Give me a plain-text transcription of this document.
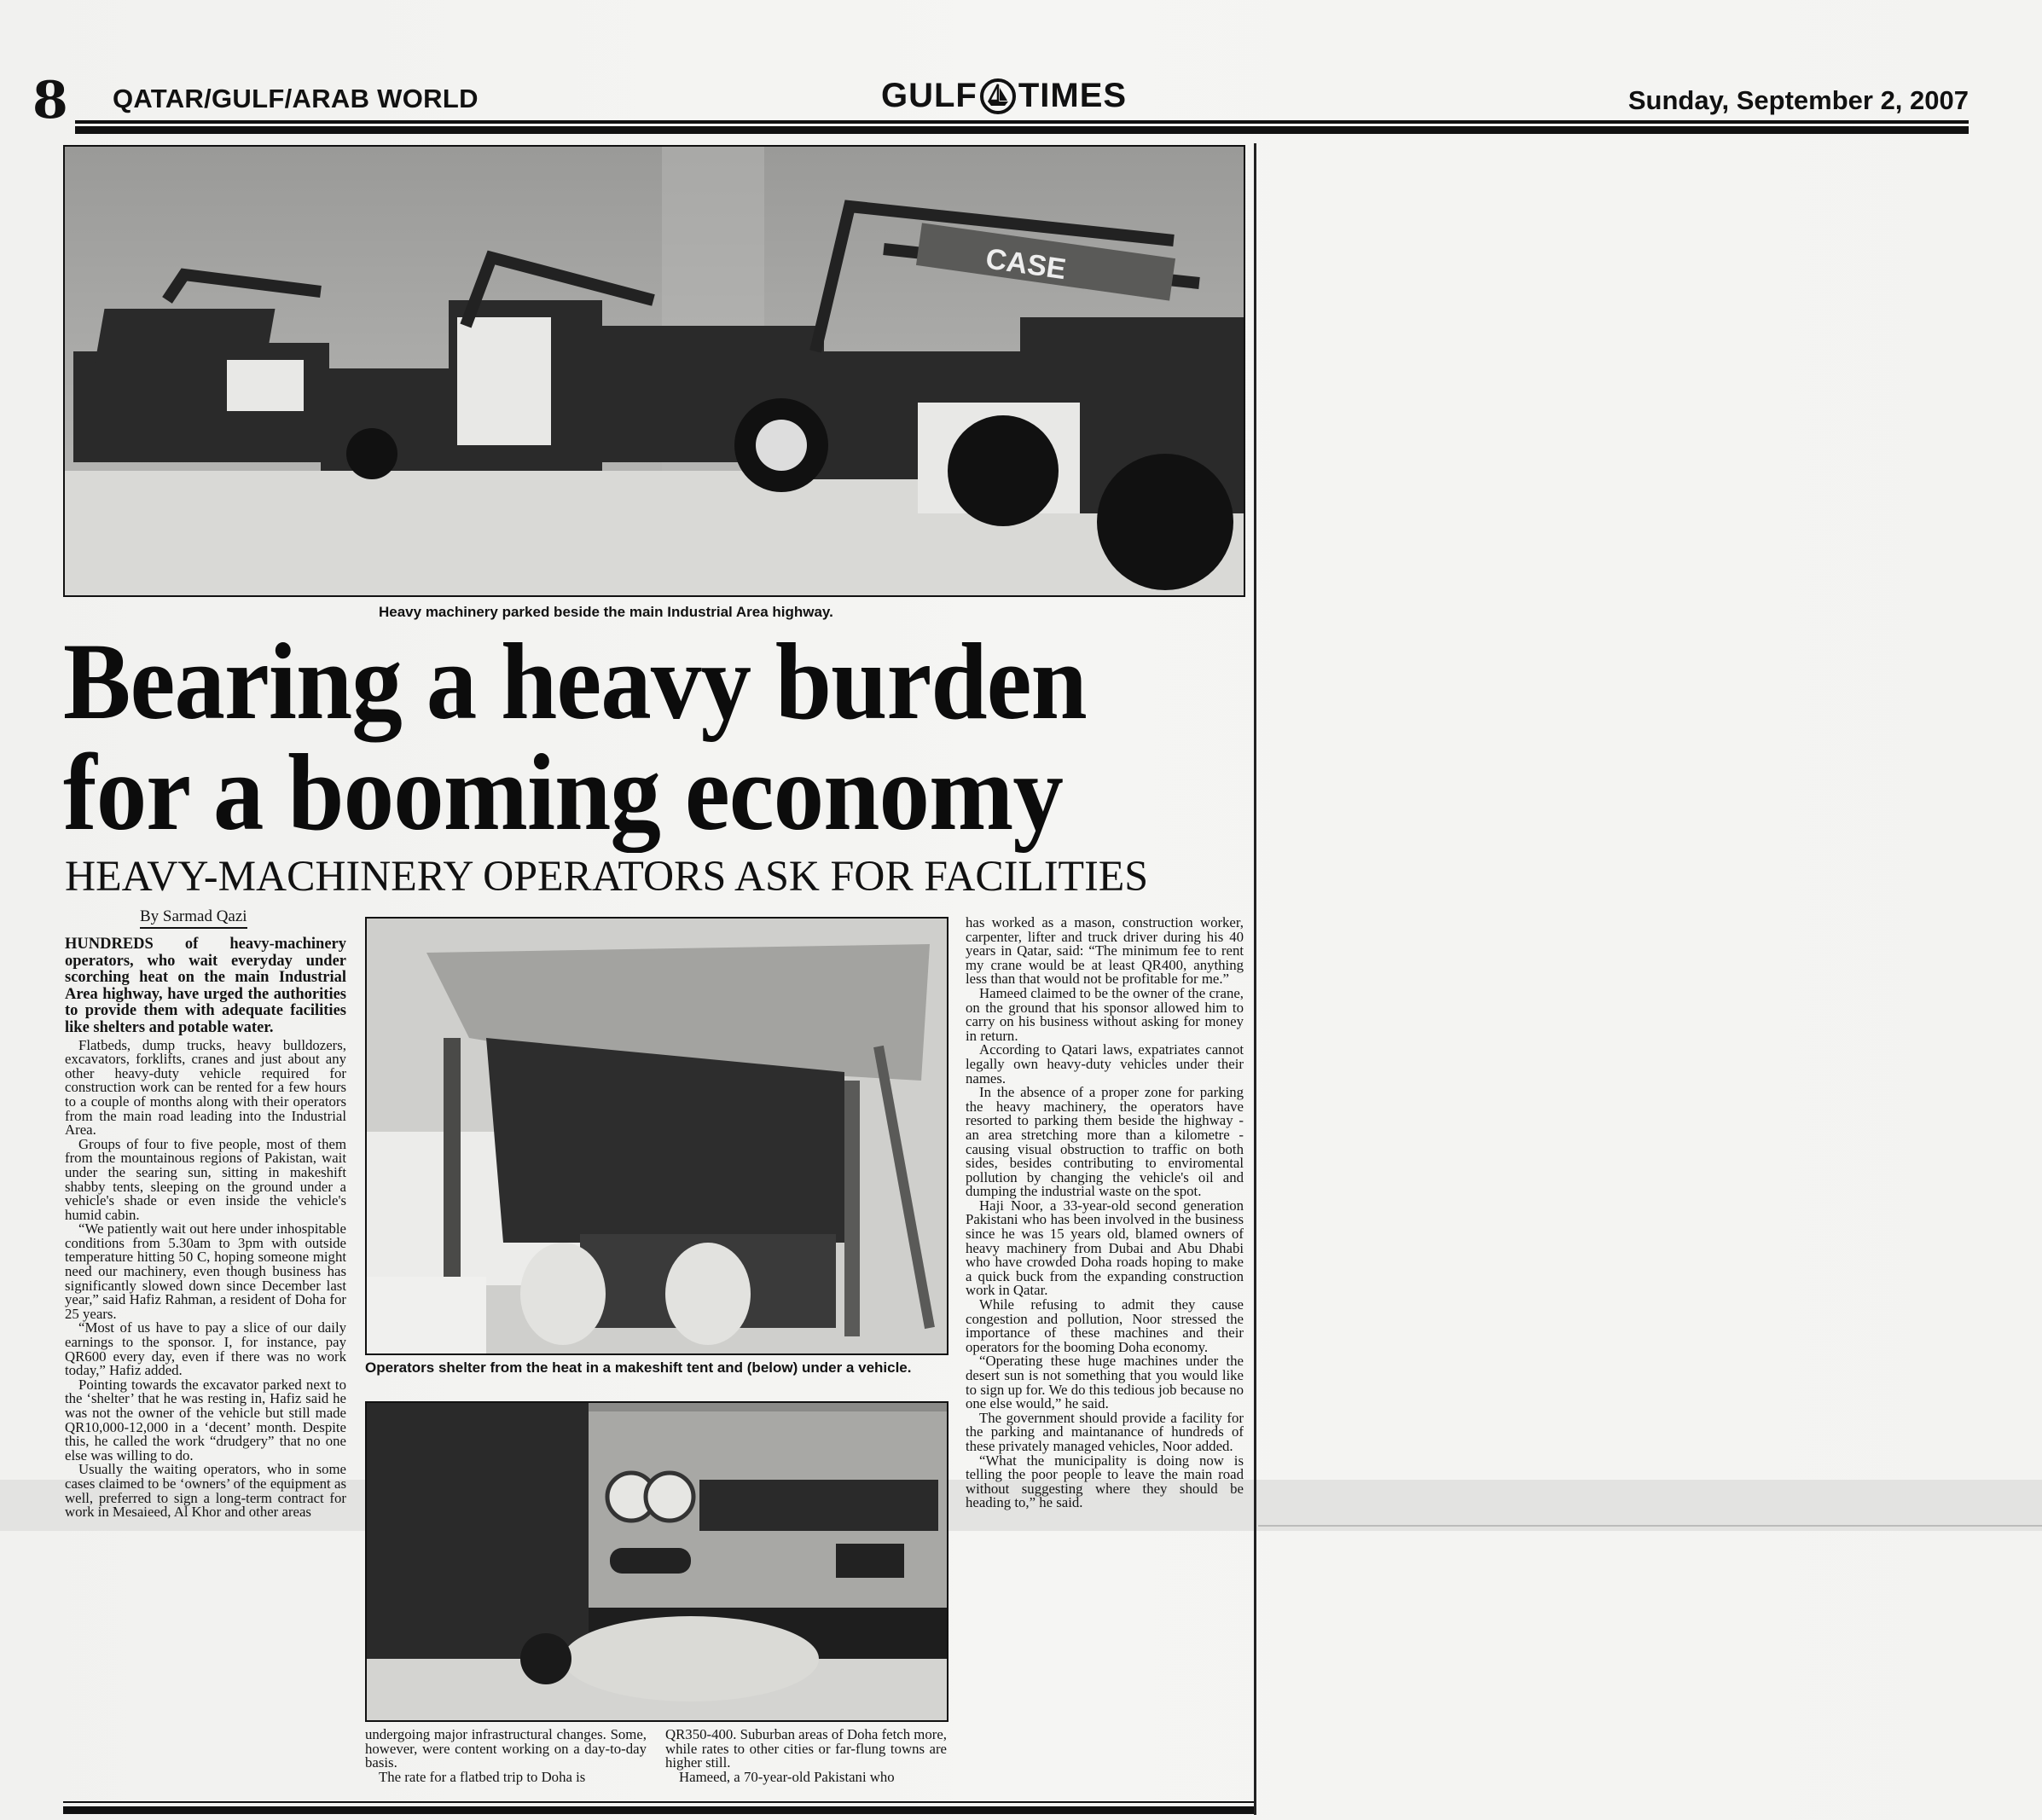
8 QATAR/GULF/ARAB WORLD	GULF TIMES	Sunday, September 2, 2007
CASE
Heavy machinery parked beside the main Industrial Area highway.
Bearing a heavy burden
for a booming economy
HEAVY-MACHINERY OPERATORS ASK FOR FACILITIES
By Sarmad Qazi

HUNDREDS of heavy-machinery operators, who wait everyday under scorching heat on the main Industrial Area highway, have urged the authorities to provide them with adequate facilities like shelters and potable water.

Flatbeds, dump trucks, heavy bulldozers, excavators, forklifts, cranes and just about any other heavy-duty vehicle required for construction work can be rented for a few hours to a couple of months along with their operators from the main road leading into the Industrial Area.

Groups of four to five people, most of them from the mountainous regions of Pakistan, wait under the searing sun, sitting in makeshift shabby tents, sleeping on the ground under a vehicle's shade or even inside the vehicle's humid cabin.

“We patiently wait out here under inhospitable conditions from 5.30am to 3pm with outside temperature hitting 50 C, hoping someone might need our machinery, even though business has significantly slowed down since December last year,” said Hafiz Rahman, a resident of Doha for 25 years.

“Most of us have to pay a slice of our daily earnings to the sponsor. I, for instance, pay QR600 every day, even if there was no work today,” Hafiz added.

Pointing towards the excavator parked next to the ‘shelter’ that he was resting in, Hafiz said he was not the owner of the vehicle but still made QR10,000-12,000 in a ‘decent’ month. Despite this, he called the work “drudgery” that no one else was willing to do.

Usually the waiting operators, who in some cases claimed to be ‘owners’ of the equipment as well, preferred to sign a long-term contract for work in Mesaieed, Al Khor and other areas

Operators shelter from the heat in a makeshift tent and (below) under a vehicle.

undergoing major infrastructural changes. Some, however, were content working on a day-to-day basis.

The rate for a flatbed trip to Doha is

QR350-400. Suburban areas of Doha fetch more, while rates to other cities or far-flung towns are higher still.

Hameed, a 70-year-old Pakistani who

has worked as a mason, construction worker, carpenter, lifter and truck driver during his 40 years in Qatar, said: “The minimum fee to rent my crane would be at least QR400, anything less than that would not be profitable for me.”

Hameed claimed to be the owner of the crane, on the ground that his sponsor allowed him to carry on his business without asking for money in return.

According to Qatari laws, expatriates cannot legally own heavy-duty vehicles under their names.

In the absence of a proper zone for parking the heavy machinery, the operators have resorted to parking them beside the highway - an area stretching more than a kilometre - causing visual obstruction to traffic on both sides, besides contributing to enviromental pollution by changing the vehicle's oil and dumping the industrial waste on the spot.

Haji Noor, a 33-year-old second generation Pakistani who has been involved in the business since he was 15 years old, blamed owners of heavy machinery from Dubai and Abu Dhabi who have crowded Doha roads hoping to make a quick buck from the expanding construction work in Qatar.

While refusing to admit they cause congestion and pollution, Noor stressed the importance of these machines and their operators for the booming Doha economy.

“Operating these huge machines under the desert sun is not something that you would like to sign up for. We do this tedious job because no one else would,” he said.

The government should provide a facility for the parking and maintanance of hundreds of these privately managed vehicles, Noor added.

“What the municipality is doing now is telling the poor people to leave the main road without suggesting where they should be heading to,” he said.
